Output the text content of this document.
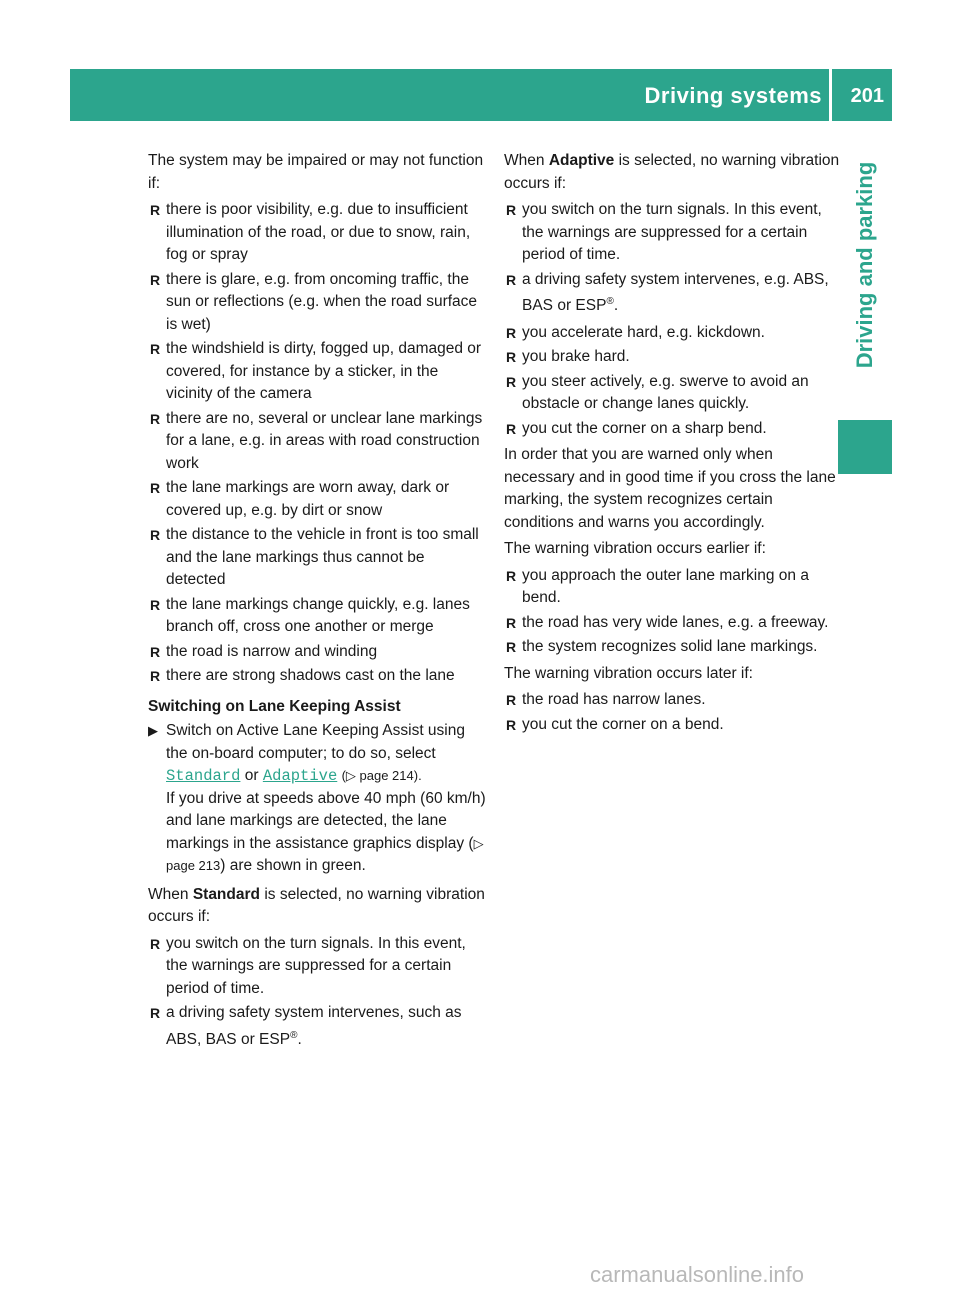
Driving systems 201
Driving and parking

The system may be impaired or may not function if:

R there is poor visibility, e.g. due to insufficient illumination of the road, or due to snow, rain, fog or spray
R there is glare, e.g. from oncoming traffic, the sun or reflections (e.g. when the road surface is wet)
R the windshield is dirty, fogged up, damaged or covered, for instance by a sticker, in the vicinity of the camera
R there are no, several or unclear lane markings for a lane, e.g. in areas with road construction work
R the lane markings are worn away, dark or covered up, e.g. by dirt or snow
R the distance to the vehicle in front is too small and the lane markings thus cannot be detected
R the lane markings change quickly, e.g. lanes branch off, cross one another or merge
R the road is narrow and winding
R there are strong shadows cast on the lane

Switching on Lane Keeping Assist

▶ Switch on Active Lane Keeping Assist using the on-board computer; to do so, select Standard or Adaptive (▷ page 214).
If you drive at speeds above 40 mph (60 km/h) and lane markings are detected, the lane markings in the assistance graphics display (▷ page 213) are shown in green.

When Standard is selected, no warning vibration occurs if:

R you switch on the turn signals. In this event, the warnings are suppressed for a certain period of time.
R a driving safety system intervenes, such as ABS, BAS or ESP®.

When Adaptive is selected, no warning vibration occurs if:

R you switch on the turn signals. In this event, the warnings are suppressed for a certain period of time.
R a driving safety system intervenes, e.g. ABS, BAS or ESP®.
R you accelerate hard, e.g. kickdown.
R you brake hard.
R you steer actively, e.g. swerve to avoid an obstacle or change lanes quickly.
R you cut the corner on a sharp bend.

In order that you are warned only when necessary and in good time if you cross the lane marking, the system recognizes certain conditions and warns you accordingly.

The warning vibration occurs earlier if:

R you approach the outer lane marking on a bend.
R the road has very wide lanes, e.g. a freeway.
R the system recognizes solid lane markings.

The warning vibration occurs later if:

R the road has narrow lanes.
R you cut the corner on a bend.
carmanualsonline.info
